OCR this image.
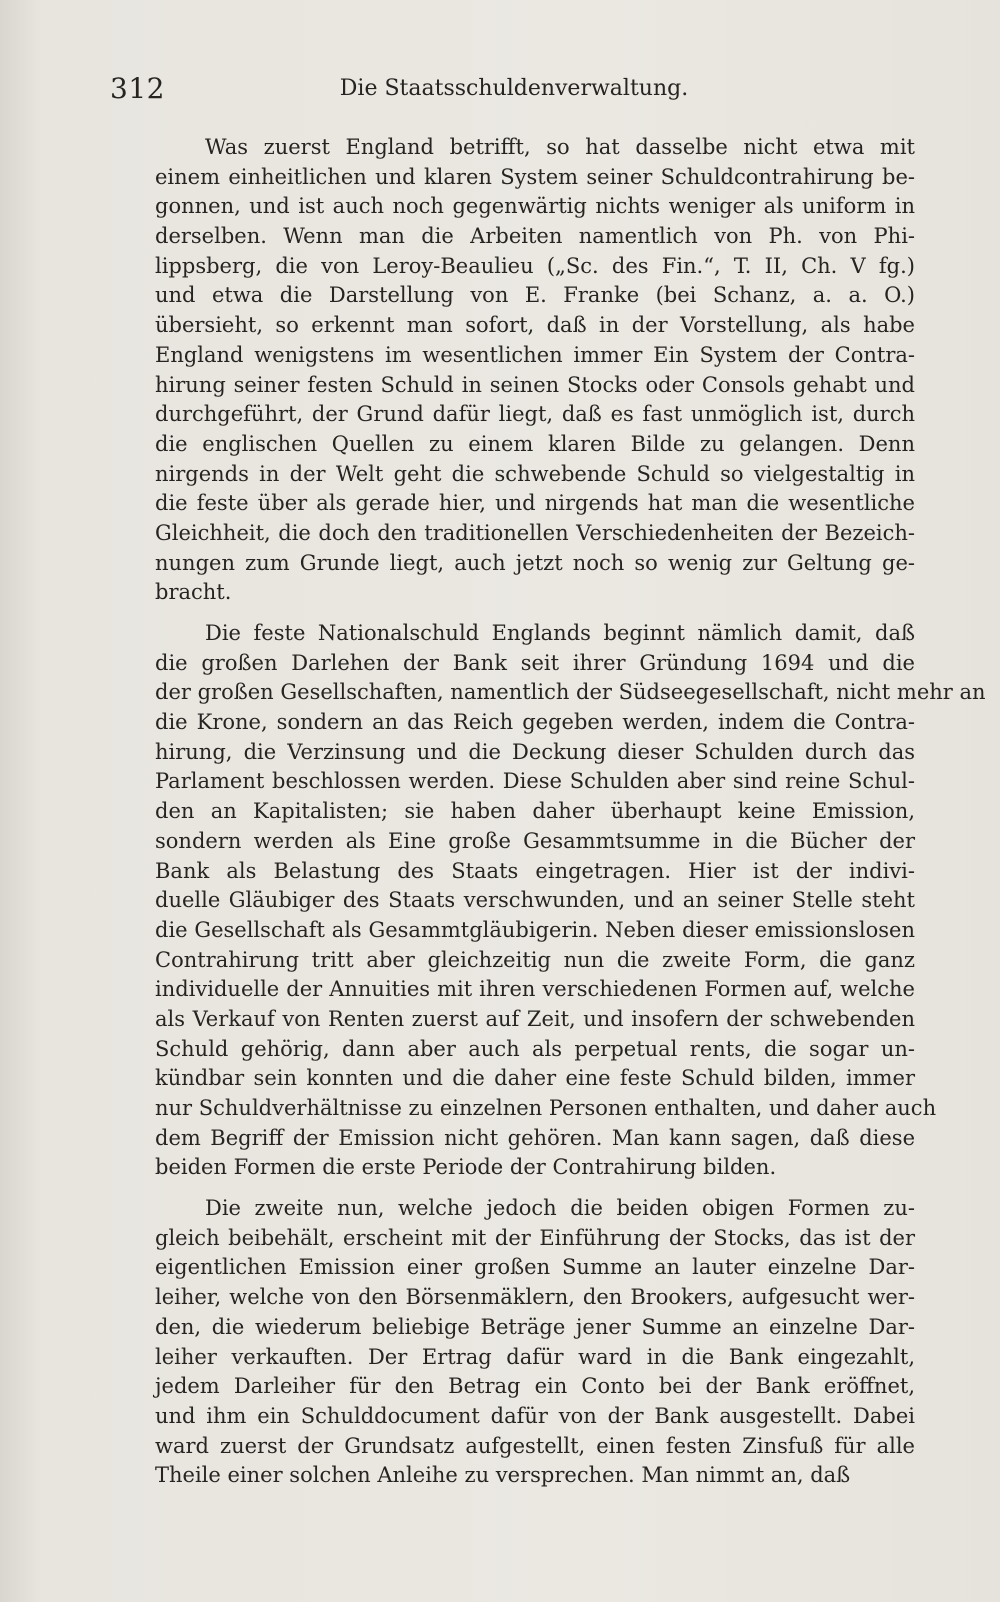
312	Die Staatsschuldenverwaltung.
Was zuerst England betrifft, so hat dasselbe nicht etwa mit
einem einheitlichen und klaren System seiner Schuldcontrahirung be-
gonnen, und ist auch noch gegenwärtig nichts weniger als uniform in
derselben. Wenn man die Arbeiten namentlich von Ph. von Phi-
lippsberg, die von Leroy-Beaulieu („Sc. des Fin.“, T. II, Ch. V fg.)
und etwa die Darstellung von E. Franke (bei Schanz, a. a. O.)
übersieht, so erkennt man sofort, daß in der Vorstellung, als habe
England wenigstens im wesentlichen immer Ein System der Contra-
hirung seiner festen Schuld in seinen Stocks oder Consols gehabt und
durchgeführt, der Grund dafür liegt, daß es fast unmöglich ist, durch
die englischen Quellen zu einem klaren Bilde zu gelangen. Denn
nirgends in der Welt geht die schwebende Schuld so vielgestaltig in
die feste über als gerade hier, und nirgends hat man die wesentliche
Gleichheit, die doch den traditionellen Verschiedenheiten der Bezeich-
nungen zum Grunde liegt, auch jetzt noch so wenig zur Geltung ge-
bracht.
Die feste Nationalschuld Englands beginnt nämlich damit, daß
die großen Darlehen der Bank seit ihrer Gründung 1694 und die
der großen Gesellschaften, namentlich der Südseegesellschaft, nicht mehr an
die Krone, sondern an das Reich gegeben werden, indem die Contra-
hirung, die Verzinsung und die Deckung dieser Schulden durch das
Parlament beschlossen werden. Diese Schulden aber sind reine Schul-
den an Kapitalisten; sie haben daher überhaupt keine Emission,
sondern werden als Eine große Gesammtsumme in die Bücher der
Bank als Belastung des Staats eingetragen. Hier ist der indivi-
duelle Gläubiger des Staats verschwunden, und an seiner Stelle steht
die Gesellschaft als Gesammtgläubigerin. Neben dieser emissionslosen
Contrahirung tritt aber gleichzeitig nun die zweite Form, die ganz
individuelle der Annuities mit ihren verschiedenen Formen auf, welche
als Verkauf von Renten zuerst auf Zeit, und insofern der schwebenden
Schuld gehörig, dann aber auch als perpetual rents, die sogar un-
kündbar sein konnten und die daher eine feste Schuld bilden, immer
nur Schuldverhältnisse zu einzelnen Personen enthalten, und daher auch
dem Begriff der Emission nicht gehören. Man kann sagen, daß diese
beiden Formen die erste Periode der Contrahirung bilden.
Die zweite nun, welche jedoch die beiden obigen Formen zu-
gleich beibehält, erscheint mit der Einführung der Stocks, das ist der
eigentlichen Emission einer großen Summe an lauter einzelne Dar-
leiher, welche von den Börsenmäklern, den Brookers, aufgesucht wer-
den, die wiederum beliebige Beträge jener Summe an einzelne Dar-
leiher verkauften. Der Ertrag dafür ward in die Bank eingezahlt,
jedem Darleiher für den Betrag ein Conto bei der Bank eröffnet,
und ihm ein Schulddocument dafür von der Bank ausgestellt. Dabei
ward zuerst der Grundsatz aufgestellt, einen festen Zinsfuß für alle
Theile einer solchen Anleihe zu versprechen. Man nimmt an, daß
